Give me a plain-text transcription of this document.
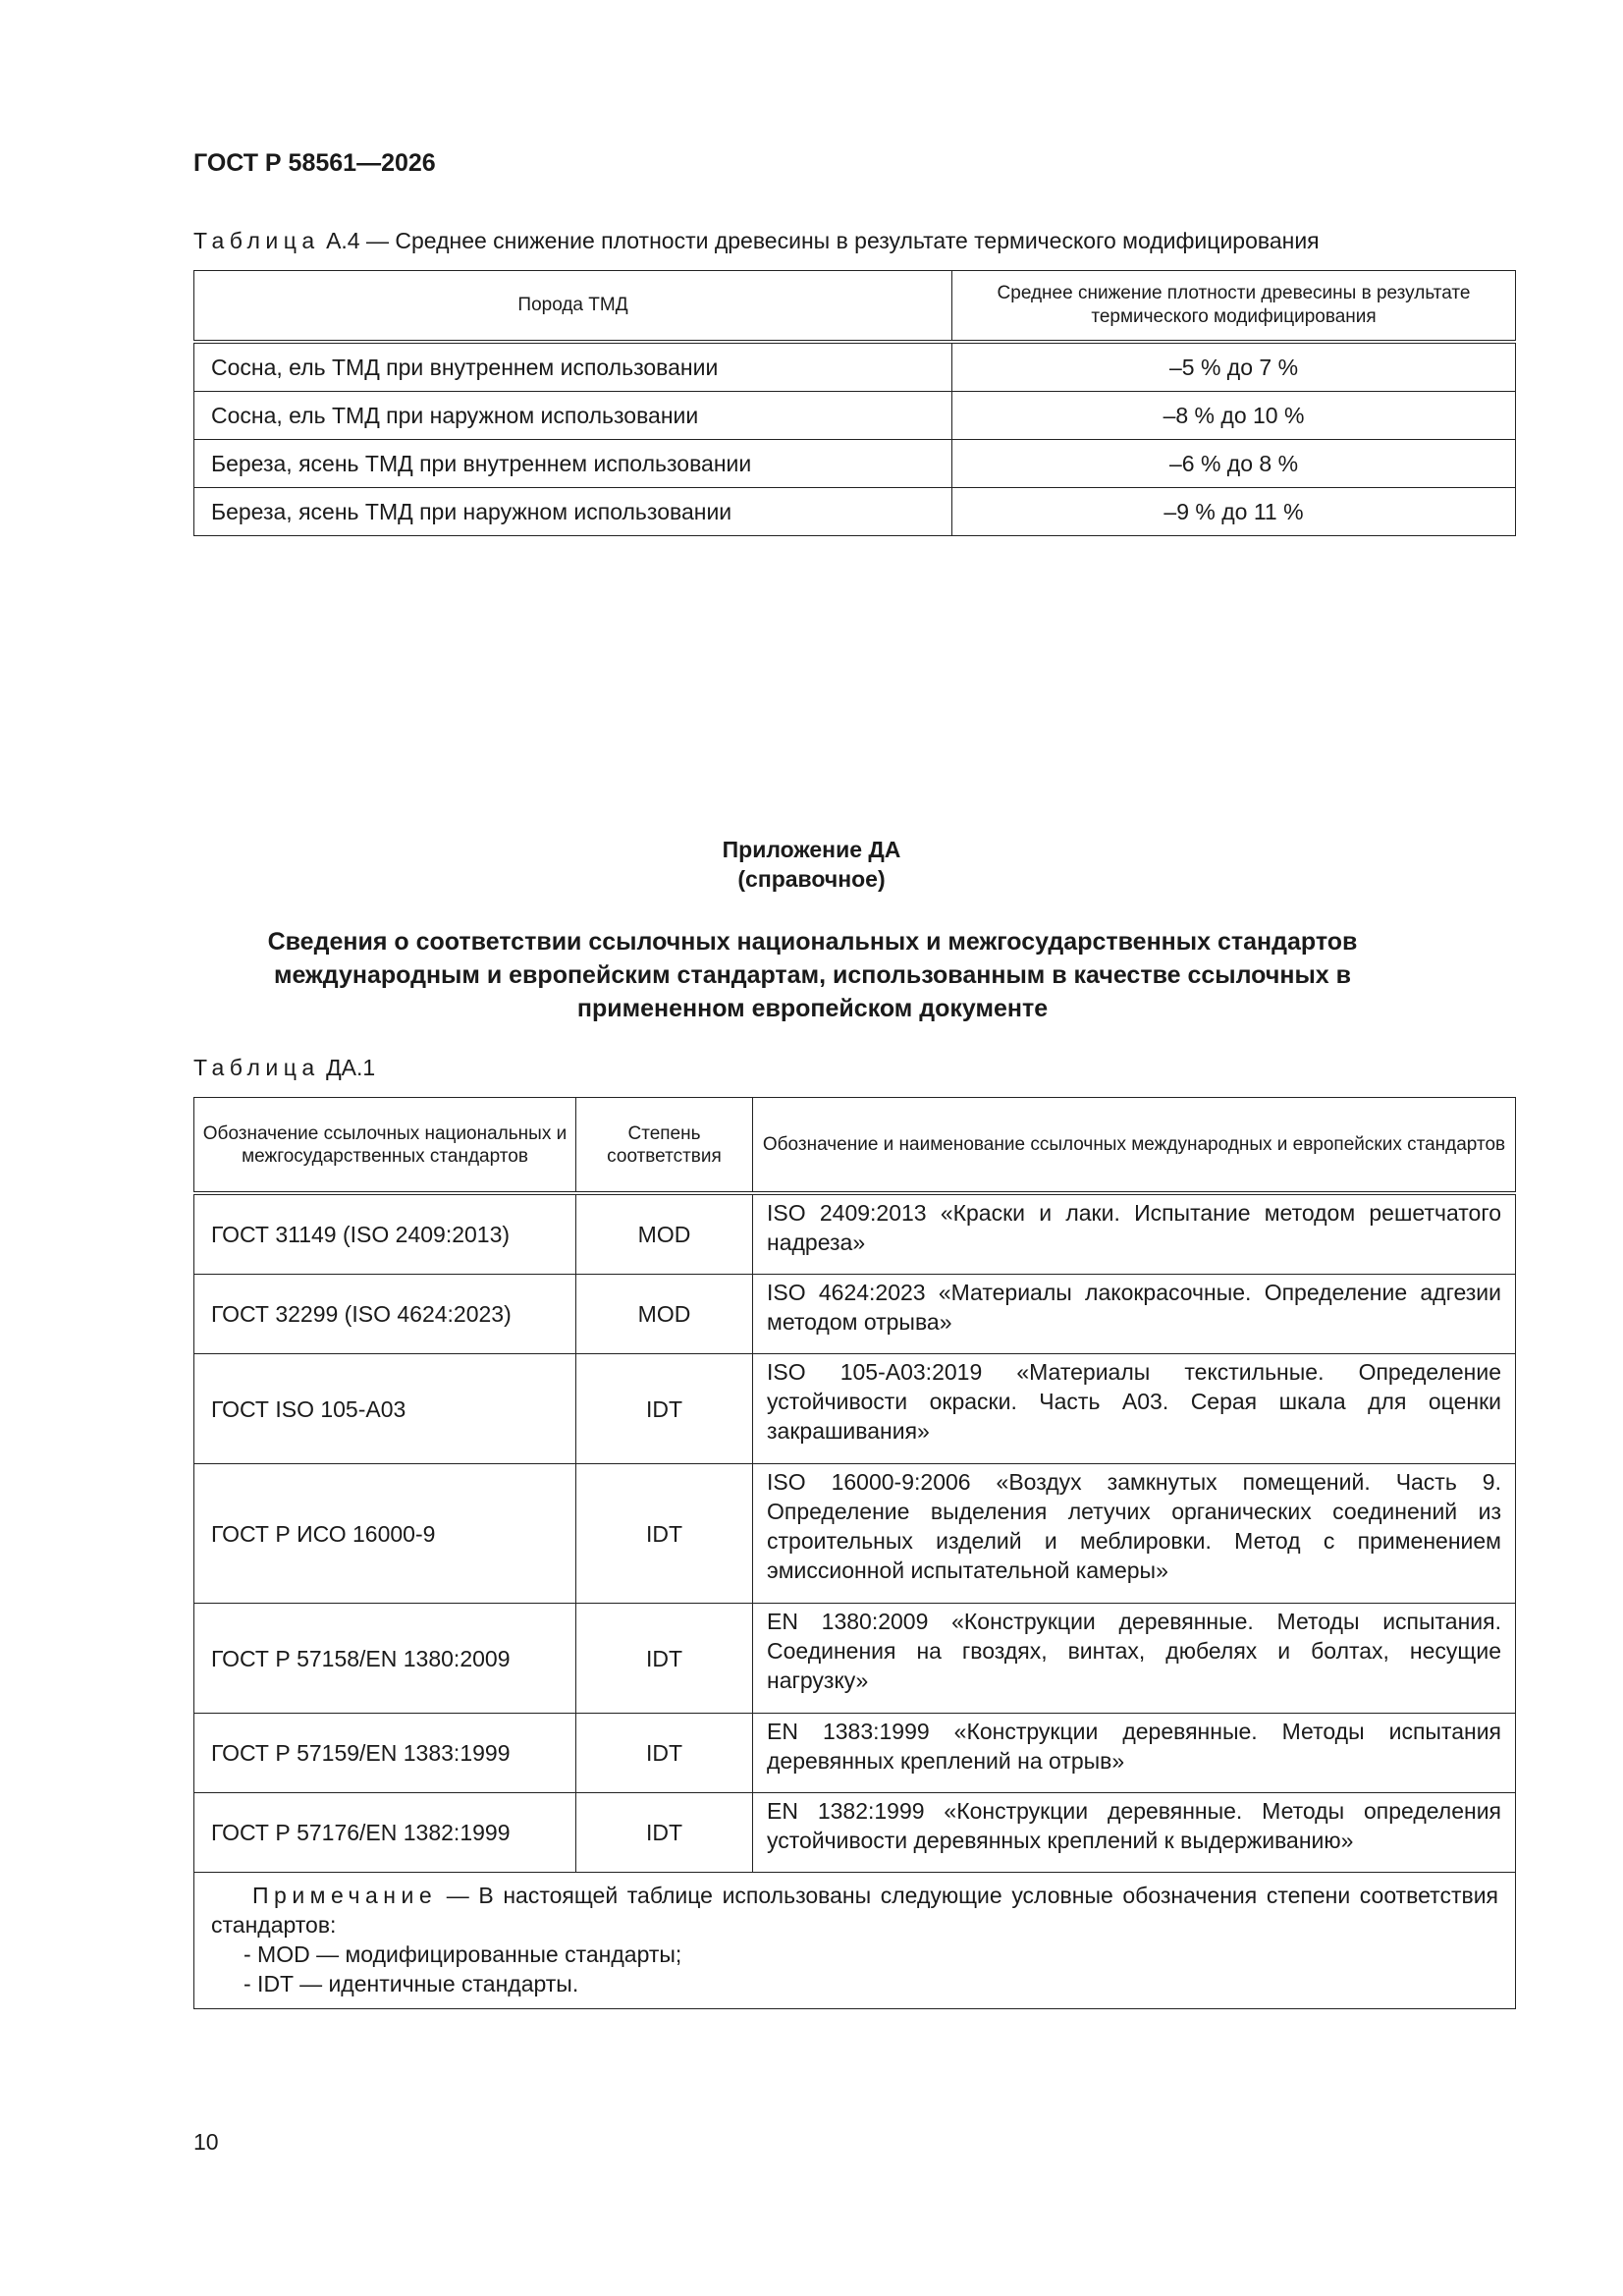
ГОСТ Р 58561—2026
Таблица А.4 — Среднее снижение плотности древесины в результате термического модифицирования
Порода ТМД	Среднее снижение плотности древесины в результате термического модифицирования
Сосна, ель ТМД при внутреннем использовании	–5 % до 7 %
Сосна, ель ТМД при наружном использовании	–8 % до 10 %
Береза, ясень ТМД при внутреннем использовании	–6 % до 8 %
Береза, ясень ТМД при наружном использовании	–9 % до 11 %
Приложение ДА
(справочное)
Сведения о соответствии ссылочных национальных и межгосударственных стандартов международным и европейским стандартам, использованным в качестве ссылочных в примененном европейском документе
Таблица ДА.1
Обозначение ссылочных национальных и межгосударственных стандартов	Степень соответствия	Обозначение и наименование ссылочных международных и европейских стандартов
ГОСТ 31149 (ISO 2409:2013)	MOD	ISO 2409:2013 «Краски и лаки. Испытание методом решетчатого надреза»
ГОСТ 32299 (ISO 4624:2023)	MOD	ISO 4624:2023 «Материалы лакокрасочные. Определение адгезии методом отрыва»
ГОСТ ISO 105-A03	IDT	ISO 105-A03:2019 «Материалы текстильные. Определение устойчивости окраски. Часть A03. Серая шкала для оценки закрашивания»
ГОСТ Р ИСО 16000-9	IDT	ISO 16000-9:2006 «Воздух замкнутых помещений. Часть 9. Определение выделения летучих органических соединений из строительных изделий и меблировки. Метод с применением эмиссионной испытательной камеры»
ГОСТ Р 57158/EN 1380:2009	IDT	EN 1380:2009 «Конструкции деревянные. Методы испытания. Соединения на гвоздях, винтах, дюбелях и болтах, несущие нагрузку»
ГОСТ Р 57159/EN 1383:1999	IDT	EN 1383:1999 «Конструкции деревянные. Методы испытания деревянных креплений на отрыв»
ГОСТ Р 57176/EN 1382:1999	IDT	EN 1382:1999 «Конструкции деревянные. Методы определения устойчивости деревянных креплений к выдерживанию»

Примечание — В настоящей таблице использованы следующие условные обозначения степени соответствия стандартов:
- MOD — модифицированные стандарты;
- IDT — идентичные стандарты.		
10
